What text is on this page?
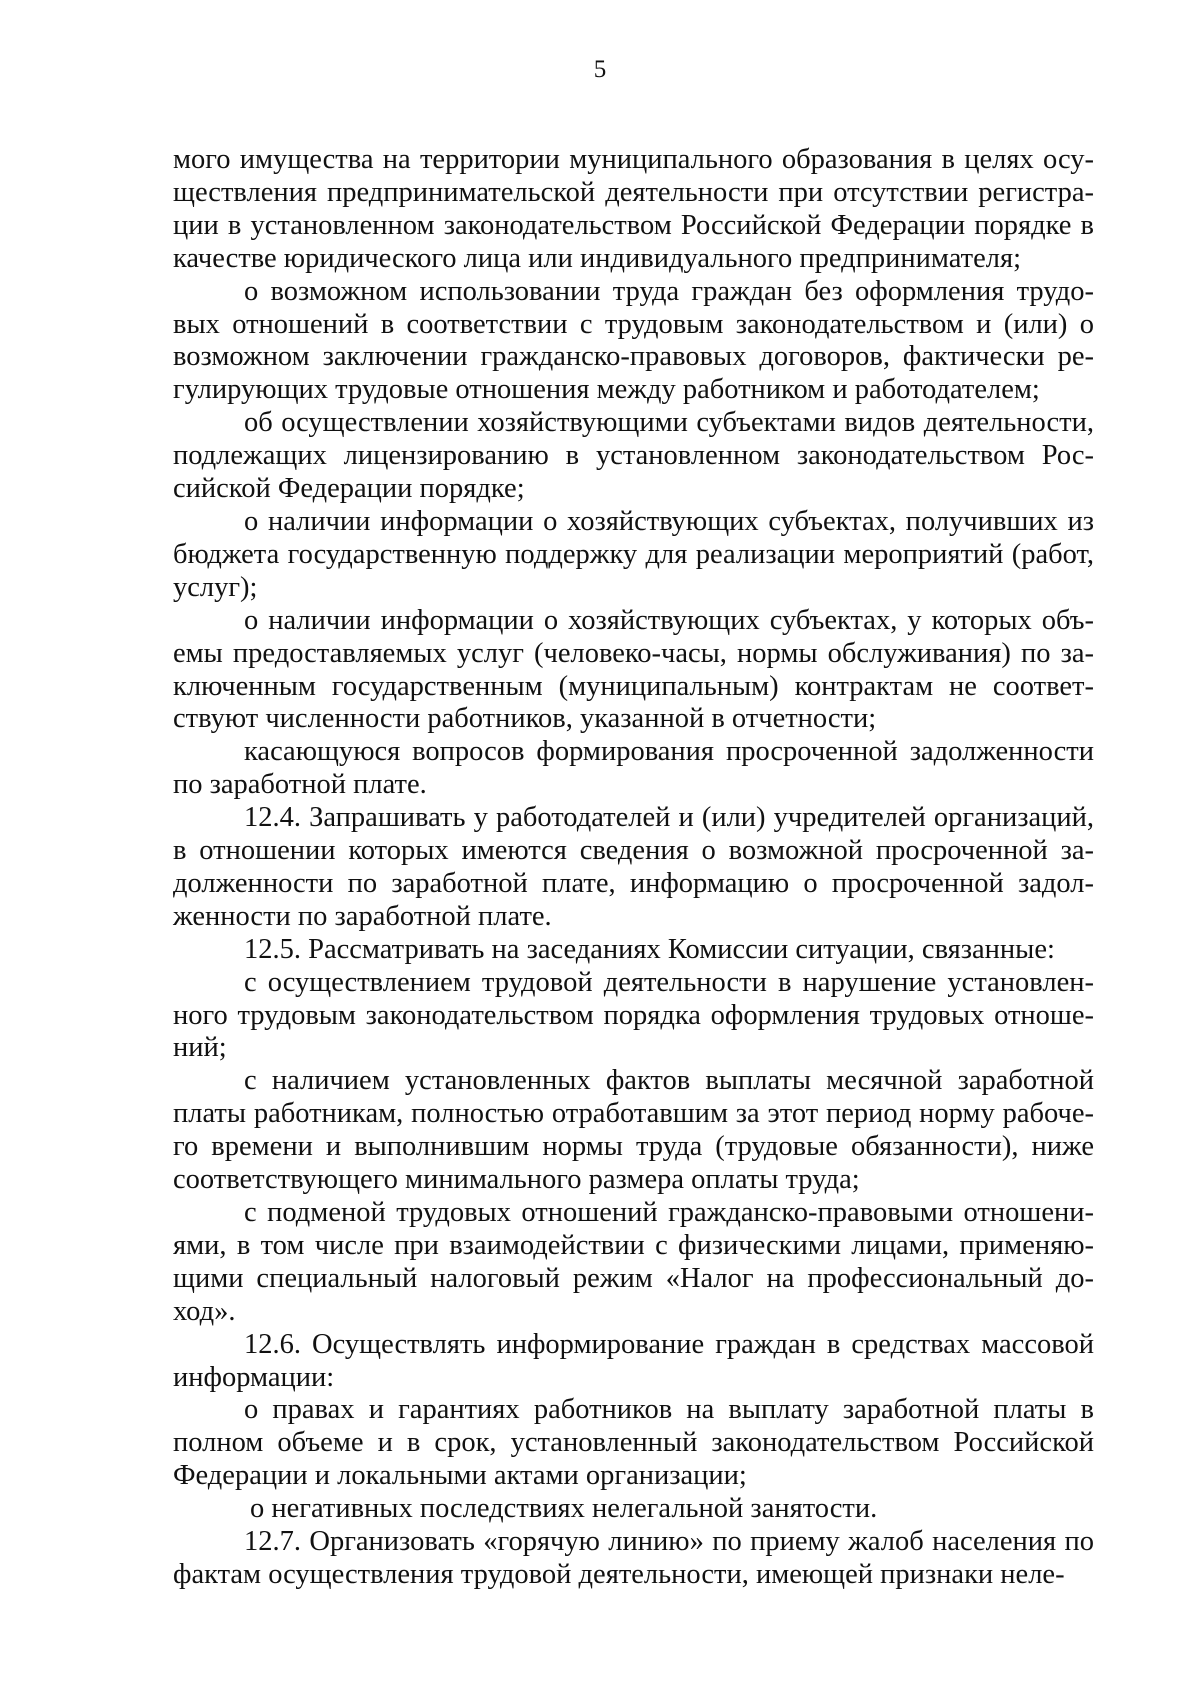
5

мого имущества на территории муниципального образования в целях осуществления предпринимательской деятельности при отсутствии регистрации в установленном законодательством Российской Федерации порядке в качестве юридического лица или индивидуального предпринимателя;

о возможном использовании труда граждан без оформления трудовых отношений в соответствии с трудовым законодательством и (или) о возможном заключении гражданско-правовых договоров, фактически регулирующих трудовые отношения между работником и работодателем;

об осуществлении хозяйствующими субъектами видов деятельности, подлежащих лицензированию в установленном законодательством Российской Федерации порядке;

о наличии информации о хозяйствующих субъектах, получивших из бюджета государственную поддержку для реализации мероприятий (работ, услуг);

о наличии информации о хозяйствующих субъектах, у которых объемы предоставляемых услуг (человеко-часы, нормы обслуживания) по заключенным государственным (муниципальным) контрактам не соответствуют численности работников, указанной в отчетности;

касающуюся вопросов формирования просроченной задолженности по заработной плате.

12.4. Запрашивать у работодателей и (или) учредителей организаций, в отношении которых имеются сведения о возможной просроченной задолженности по заработной плате, информацию о просроченной задолженности по заработной плате.

12.5. Рассматривать на заседаниях Комиссии ситуации, связанные:

с осуществлением трудовой деятельности в нарушение установленного трудовым законодательством порядка оформления трудовых отношений;

с наличием установленных фактов выплаты месячной заработной платы работникам, полностью отработавшим за этот период норму рабочего времени и выполнившим нормы труда (трудовые обязанности), ниже соответствующего минимального размера оплаты труда;

с подменой трудовых отношений гражданско-правовыми отношениями, в том числе при взаимодействии с физическими лицами, применяющими специальный налоговый режим «Налог на профессиональный доход».

12.6. Осуществлять информирование граждан в средствах массовой информации:

о правах и гарантиях работников на выплату заработной платы в полном объеме и в срок, установленный законодательством Российской Федерации и локальными актами организации;

о негативных последствиях нелегальной занятости.

12.7. Организовать «горячую линию» по приему жалоб населения по фактам осуществления трудовой деятельности, имеющей признаки неле-
